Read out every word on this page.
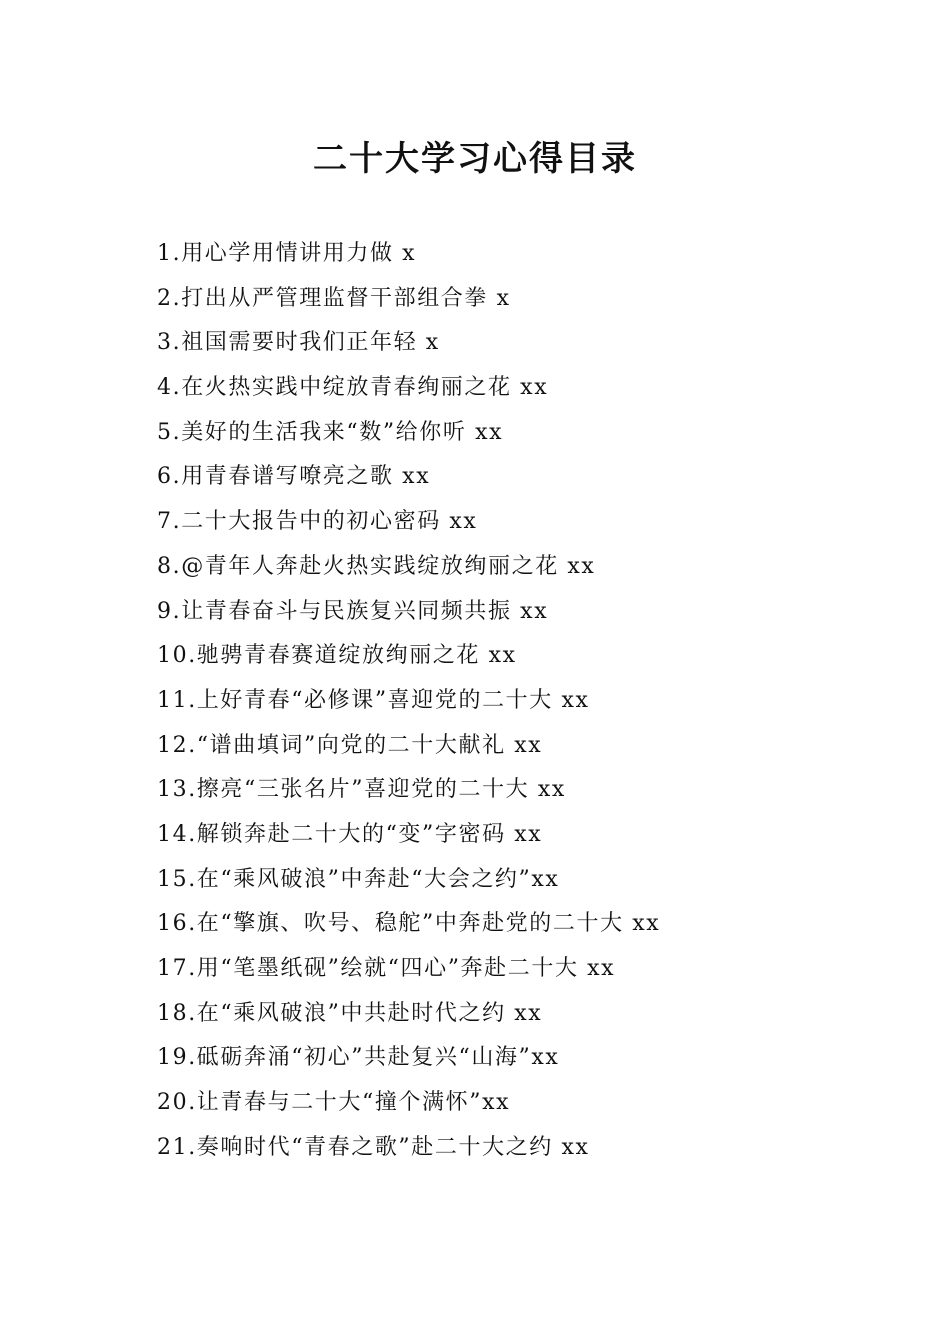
二十大学习心得目录
1.用心学用情讲用力做 x
2.打出从严管理监督干部组合拳 x
3.祖国需要时我们正年轻 x
4.在火热实践中绽放青春绚丽之花 xx
5.美好的生活我来“数”给你听 xx
6.用青春谱写嘹亮之歌 xx
7.二十大报告中的初心密码 xx
8.@青年人奔赴火热实践绽放绚丽之花 xx
9.让青春奋斗与民族复兴同频共振 xx
10.驰骋青春赛道绽放绚丽之花 xx
11.上好青春“必修课”喜迎党的二十大 xx
12.“谱曲填词”向党的二十大献礼 xx
13.擦亮“三张名片”喜迎党的二十大 xx
14.解锁奔赴二十大的“变”字密码 xx
15.在“乘风破浪”中奔赴“大会之约”xx
16.在“擎旗、吹号、稳舵”中奔赴党的二十大 xx
17.用“笔墨纸砚”绘就“四心”奔赴二十大 xx
18.在“乘风破浪”中共赴时代之约 xx
19.砥砺奔涌“初心”共赴复兴“山海”xx
20.让青春与二十大“撞个满怀”xx
21.奏响时代“青春之歌”赴二十大之约 xx
